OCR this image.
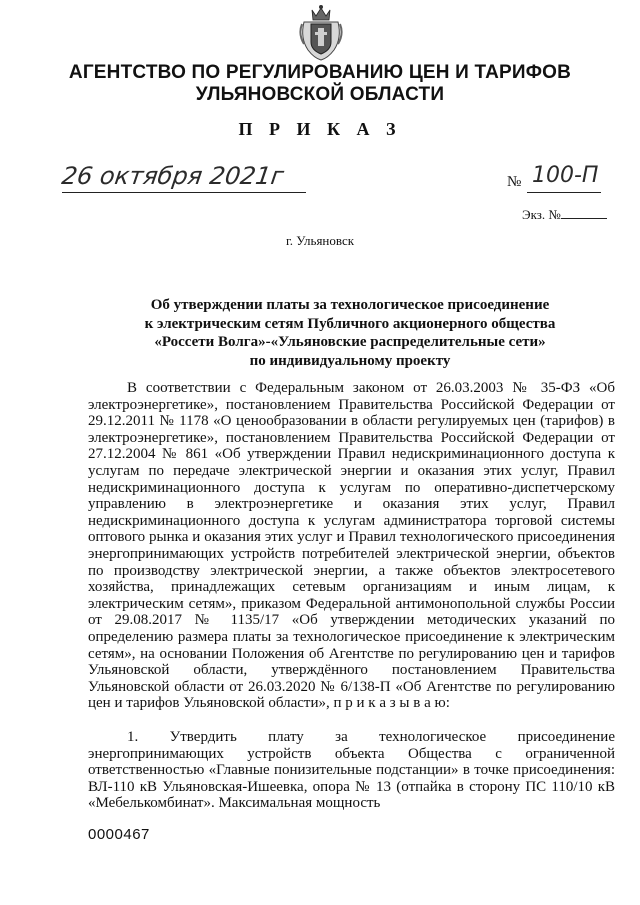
АГЕНТСТВО ПО РЕГУЛИРОВАНИЮ ЦЕН И ТАРИФОВ
УЛЬЯНОВСКОЙ ОБЛАСТИ
П Р И К А З
26 октября 2021г	№ 100-П
Экз. №
г. Ульяновск
Об утверждении платы за технологическое присоединение
к электрическим сетям Публичного акционерного общества
«Россети Волга»-«Ульяновские распределительные сети»
по индивидуальному проекту

В соответствии с Федеральным законом от 26.03.2003 № 35-ФЗ «Об электроэнергетике», постановлением Правительства Российской Федерации от 29.12.2011 № 1178 «О ценообразовании в области регулируемых цен (тарифов) в электроэнергетике», постановлением Правительства Российской Федерации от 27.12.2004 № 861 «Об утверждении Правил недискриминационного доступа к услугам по передаче электрической энергии и оказания этих услуг, Правил недискриминационного доступа к услугам по оперативно-диспетчерскому управлению в электроэнергетике и оказания этих услуг, Правил недискриминационного доступа к услугам администратора торговой системы оптового рынка и оказания этих услуг и Правил технологического присоединения энергопринимающих устройств потребителей электрической энергии, объектов по производству электрической энергии, а также объектов электросетевого хозяйства, принадлежащих сетевым организациям и иным лицам, к электрическим сетям», приказом Федеральной антимонопольной службы России от 29.08.2017 № 1135/17 «Об утверждении методических указаний по определению размера платы за технологическое присоединение к электрическим сетям», на основании Положения об Агентстве по регулированию цен и тарифов Ульяновской области, утверждённого постановлением Правительства Ульяновской области от 26.03.2020 № 6/138-П «Об Агентстве по регулированию цен и тарифов Ульяновской области», п р и к а з ы в а ю:

1. Утвердить плату за технологическое присоединение энергопринимающих устройств объекта Общества с ограниченной ответственностью «Главные понизительные подстанции» в точке присоединения: ВЛ-110 кВ Ульяновская-Ишеевка, опора № 13 (отпайка в сторону ПС 110/10 кВ «Мебелькомбинат». Максимальная мощность

0000467
